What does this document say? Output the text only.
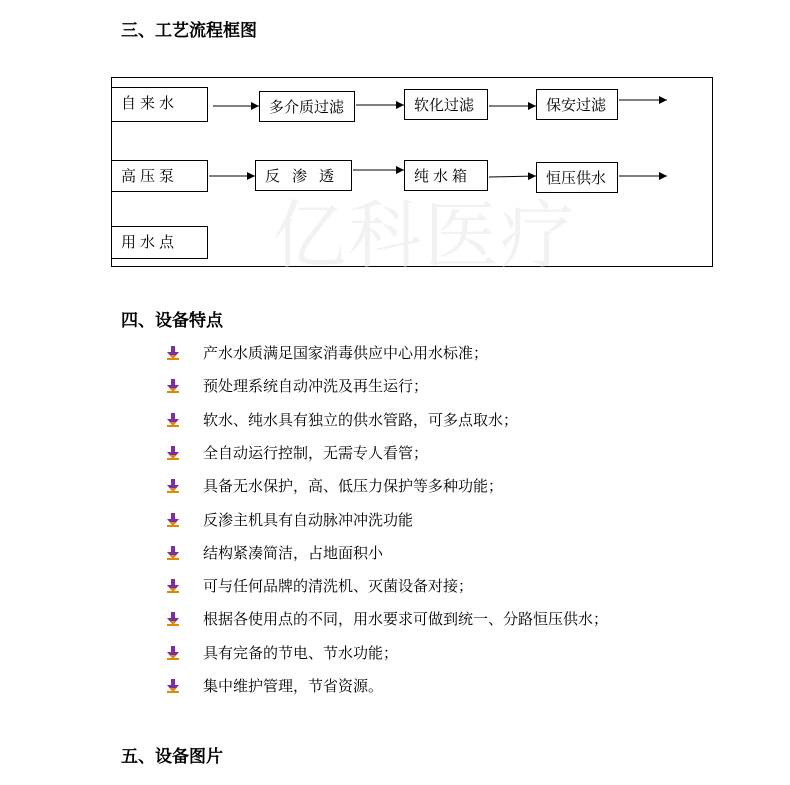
三、工艺流程框图
亿科医疗
自来水	多介质过滤	软化过滤	保安过滤
高压泵	反渗透	纯水箱	恒压供水
用水点
四、设备特点
产水水质满足国家消毒供应中心用水标准；
预处理系统自动冲洗及再生运行；
软水、纯水具有独立的供水管路，可多点取水；
全自动运行控制，无需专人看管；
具备无水保护，高、低压力保护等多种功能；
反渗主机具有自动脉冲冲洗功能
结构紧凑简洁，占地面积小
可与任何品牌的清洗机、灭菌设备对接；
根据各使用点的不同，用水要求可做到统一、分路恒压供水；
具有完备的节电、节水功能；
集中维护管理，节省资源。
五、设备图片
